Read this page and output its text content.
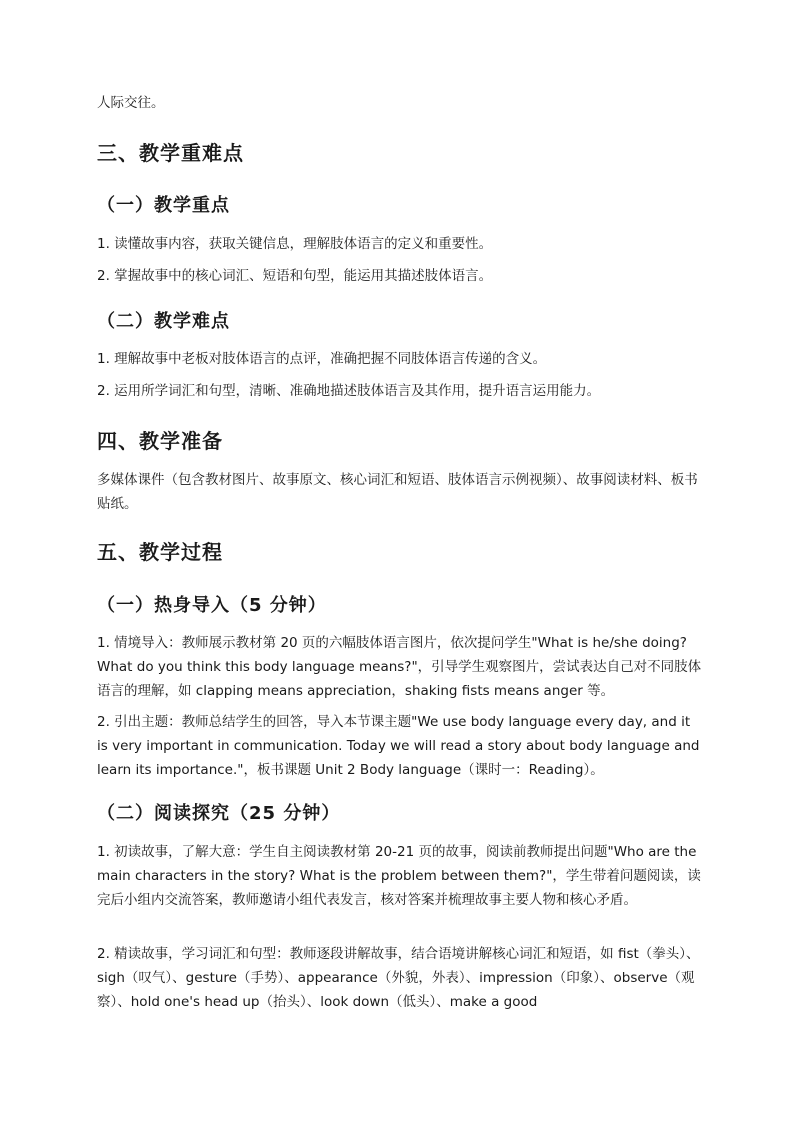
人际交往。
三、教学重难点
（一）教学重点
1. 读懂故事内容，获取关键信息，理解肢体语言的定义和重要性。
2. 掌握故事中的核心词汇、短语和句型，能运用其描述肢体语言。
（二）教学难点
1. 理解故事中老板对肢体语言的点评，准确把握不同肢体语言传递的含义。
2. 运用所学词汇和句型，清晰、准确地描述肢体语言及其作用，提升语言运用能力。
四、教学准备
多媒体课件（包含教材图片、故事原文、核心词汇和短语、肢体语言示例视频）、故事阅读材料、板书贴纸。
五、教学过程
（一）热身导入（5 分钟）
1. 情境导入：教师展示教材第 20 页的六幅肢体语言图片，依次提问学生"What is he/she doing? What do you think this body language means?"，引导学生观察图片，尝试表达自己对不同肢体语言的理解，如 clapping means appreciation，shaking fists means anger 等。
2. 引出主题：教师总结学生的回答，导入本节课主题"We use body language every day, and it is very important in communication. Today we will read a story about body language and learn its importance."，板书课题 Unit 2 Body language（课时一：Reading）。
（二）阅读探究（25 分钟）
1. 初读故事，了解大意：学生自主阅读教材第 20-21 页的故事，阅读前教师提出问题"Who are the main characters in the story? What is the problem between them?"，学生带着问题阅读，读完后小组内交流答案，教师邀请小组代表发言，核对答案并梳理故事主要人物和核心矛盾。
2. 精读故事，学习词汇和句型：教师逐段讲解故事，结合语境讲解核心词汇和短语，如 fist（拳头）、sigh（叹气）、gesture（手势）、appearance（外貌，外表）、impression（印象）、observe（观察）、hold one's head up（抬头）、look down（低头）、make a good
